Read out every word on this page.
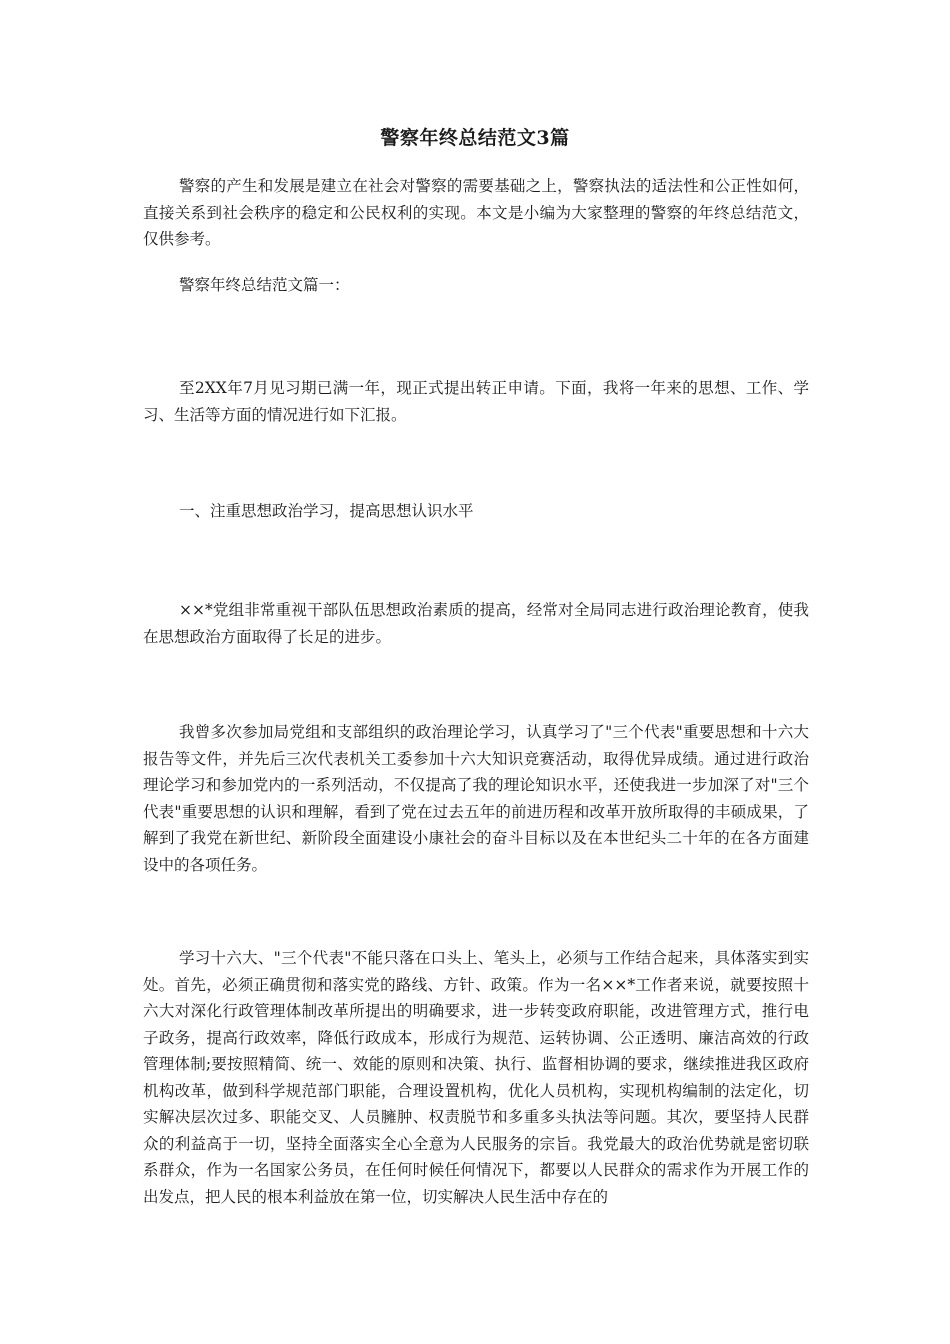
警察年终总结范文3篇

警察的产生和发展是建立在社会对警察的需要基础之上，警察执法的适法性和公正性如何，直接关系到社会秩序的稳定和公民权利的实现。本文是小编为大家整理的警察的年终总结范文，仅供参考。

警察年终总结范文篇一：

至2XX年7月见习期已满一年，现正式提出转正申请。下面，我将一年来的思想、工作、学习、生活等方面的情况进行如下汇报。

一、注重思想政治学习，提高思想认识水平

××*党组非常重视干部队伍思想政治素质的提高，经常对全局同志进行政治理论教育，使我在思想政治方面取得了长足的进步。

我曾多次参加局党组和支部组织的政治理论学习，认真学习了"三个代表"重要思想和十六大报告等文件，并先后三次代表机关工委参加十六大知识竞赛活动，取得优异成绩。通过进行政治理论学习和参加党内的一系列活动，不仅提高了我的理论知识水平，还使我进一步加深了对"三个代表"重要思想的认识和理解，看到了党在过去五年的前进历程和改革开放所取得的丰硕成果，了解到了我党在新世纪、新阶段全面建设小康社会的奋斗目标以及在本世纪头二十年的在各方面建设中的各项任务。

学习十六大、"三个代表"不能只落在口头上、笔头上，必须与工作结合起来，具体落实到实处。首先，必须正确贯彻和落实党的路线、方针、政策。作为一名××*工作者来说，就要按照十六大对深化行政管理体制改革所提出的明确要求，进一步转变政府职能，改进管理方式，推行电子政务，提高行政效率，降低行政成本，形成行为规范、运转协调、公正透明、廉洁高效的行政管理体制;要按照精简、统一、效能的原则和决策、执行、监督相协调的要求，继续推进我区政府机构改革，做到科学规范部门职能，合理设置机构，优化人员机构，实现机构编制的法定化，切实解决层次过多、职能交叉、人员臃肿、权责脱节和多重多头执法等问题。其次，要坚持人民群众的利益高于一切，坚持全面落实全心全意为人民服务的宗旨。我党最大的政治优势就是密切联系群众，作为一名国家公务员，在任何时候任何情况下，都要以人民群众的需求作为开展工作的出发点，把人民的根本利益放在第一位，切实解决人民生活中存在的
